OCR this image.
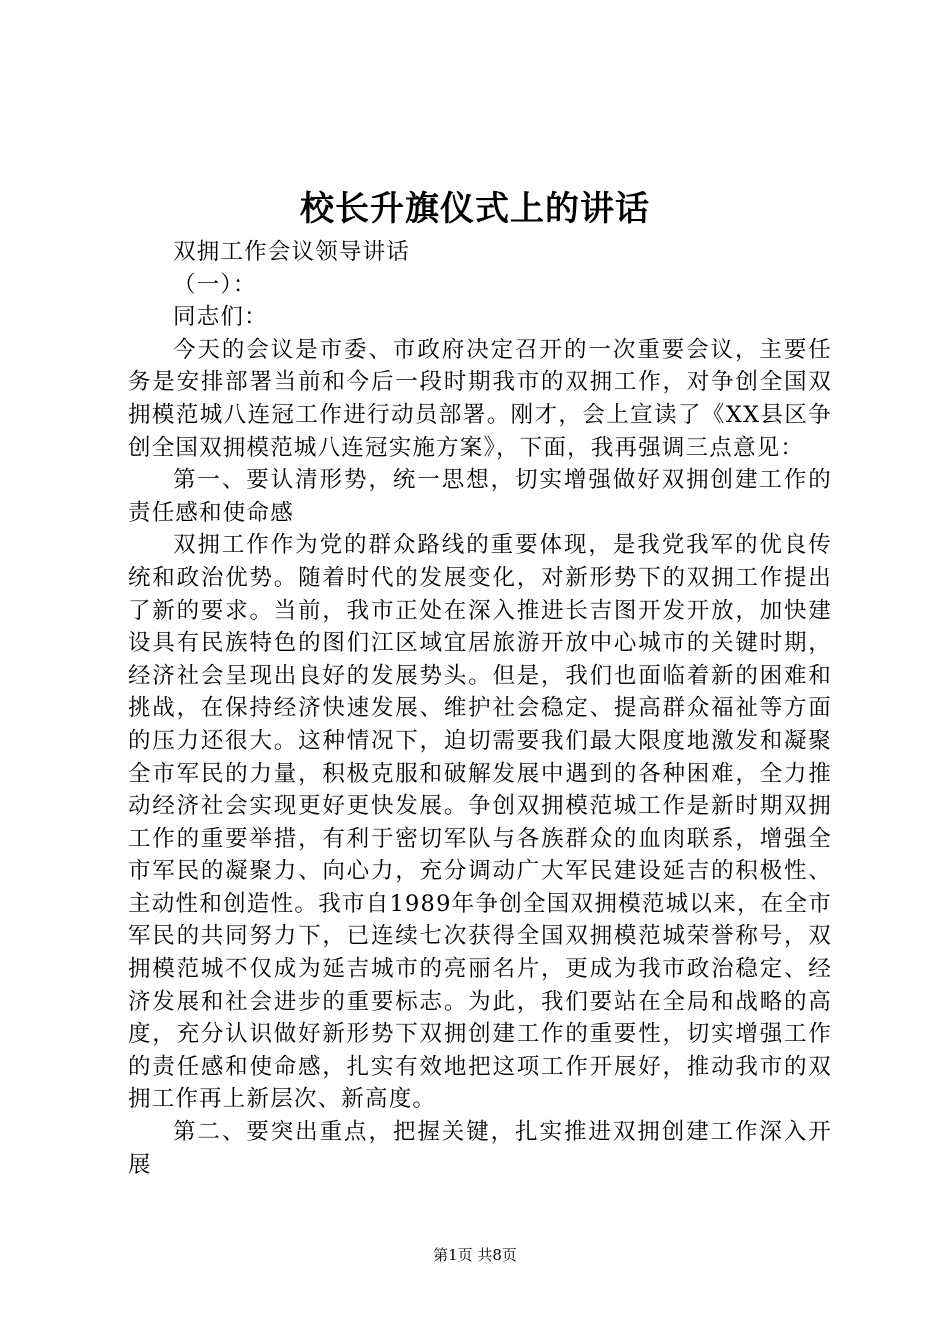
校长升旗仪式上的讲话

双拥工作会议领导讲话

（一）：

同志们：

今天的会议是市委、市政府决定召开的一次重要会议，主要任务是安排部署当前和今后一段时期我市的双拥工作，对争创全国双拥模范城八连冠工作进行动员部署。刚才，会上宣读了《XX县区争创全国双拥模范城八连冠实施方案》，下面，我再强调三点意见：

第一、要认清形势，统一思想，切实增强做好双拥创建工作的责任感和使命感

双拥工作作为党的群众路线的重要体现，是我党我军的优良传统和政治优势。随着时代的发展变化，对新形势下的双拥工作提出了新的要求。当前，我市正处在深入推进长吉图开发开放，加快建设具有民族特色的图们江区域宜居旅游开放中心城市的关键时期，经济社会呈现出良好的发展势头。但是，我们也面临着新的困难和挑战，在保持经济快速发展、维护社会稳定、提高群众福祉等方面的压力还很大。这种情况下，迫切需要我们最大限度地激发和凝聚全市军民的力量，积极克服和破解发展中遇到的各种困难，全力推动经济社会实现更好更快发展。争创双拥模范城工作是新时期双拥工作的重要举措，有利于密切军队与各族群众的血肉联系，增强全市军民的凝聚力、向心力，充分调动广大军民建设延吉的积极性、主动性和创造性。我市自1989年争创全国双拥模范城以来，在全市军民的共同努力下，已连续七次获得全国双拥模范城荣誉称号，双拥模范城不仅成为延吉城市的亮丽名片，更成为我市政治稳定、经济发展和社会进步的重要标志。为此，我们要站在全局和战略的高度，充分认识做好新形势下双拥创建工作的重要性，切实增强工作的责任感和使命感，扎实有效地把这项工作开展好，推动我市的双拥工作再上新层次、新高度。

第二、要突出重点，把握关键，扎实推进双拥创建工作深入开展

第1页 共8页
